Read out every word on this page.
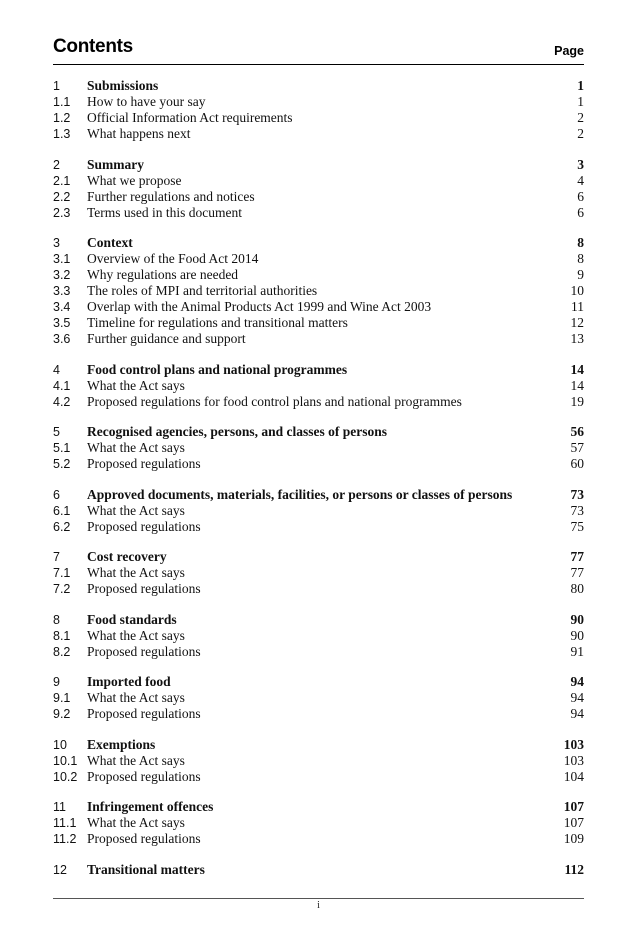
Contents	Page
1	Submissions	1
1.1	How to have your say	1
1.2	Official Information Act requirements	2
1.3	What happens next	2
2	Summary	3
2.1	What we propose	4
2.2	Further regulations and notices	6
2.3	Terms used in this document	6
3	Context	8
3.1	Overview of the Food Act 2014	8
3.2	Why regulations are needed	9
3.3	The roles of MPI and territorial authorities	10
3.4	Overlap with the Animal Products Act 1999 and Wine Act 2003	11
3.5	Timeline for regulations and transitional matters	12
3.6	Further guidance and support	13
4	Food control plans and national programmes	14
4.1	What the Act says	14
4.2	Proposed regulations for food control plans and national programmes	19
5	Recognised agencies, persons, and classes of persons	56
5.1	What the Act says	57
5.2	Proposed regulations	60
6	Approved documents, materials, facilities, or persons or classes of persons	73
6.1	What the Act says	73
6.2	Proposed regulations	75
7	Cost recovery	77
7.1	What the Act says	77
7.2	Proposed regulations	80
8	Food standards	90
8.1	What the Act says	90
8.2	Proposed regulations	91
9	Imported food	94
9.1	What the Act says	94
9.2	Proposed regulations	94
10	Exemptions	103
10.1 What the Act says	103
10.2 Proposed regulations	104
11	Infringement offences	107
11.1 What the Act says	107
11.2 Proposed regulations	109
12	Transitional matters	112
i
